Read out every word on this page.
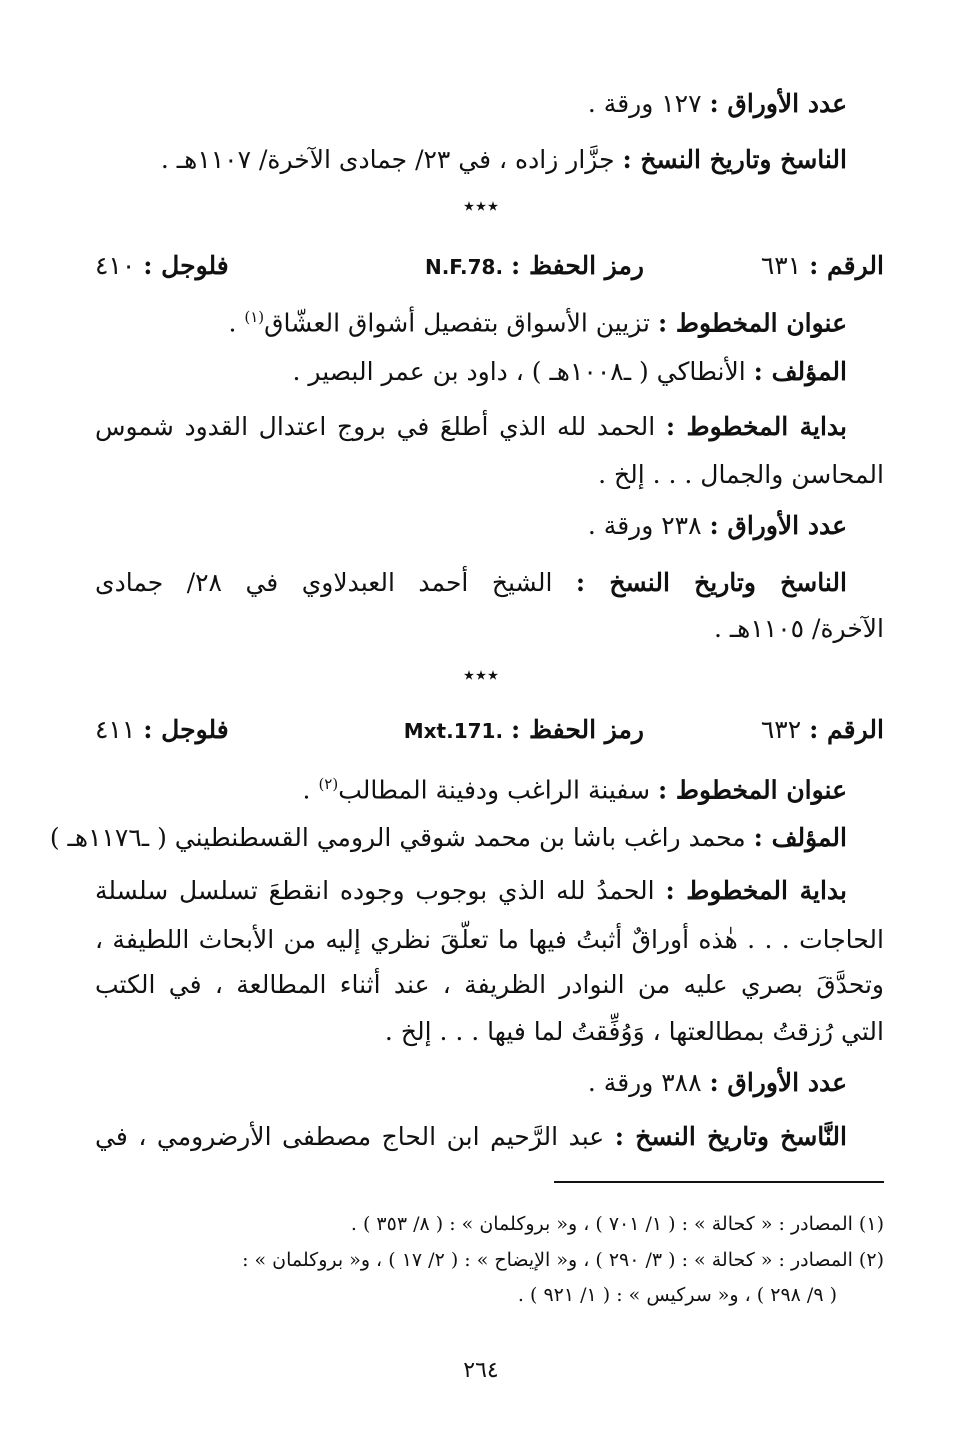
عدد الأوراق : ١٢٧ ورقة .
الناسخ وتاريخ النسخ : جزَّار زاده ، في ٢٣/ جمادى الآخرة/ ١١٠٧هـ .
٭٭٭
الرقم : ٦٣١
رمز الحفظ : N.F.78.
فلوجل : ٤١٠
عنوان المخطوط : تزيين الأسواق بتفصيل أشواق العشّاق$^{(١)}$ .
المؤلف : الأنطاكي ( ـ١٠٠٨هـ ) ، داود بن عمر البصير .
بداية المخطوط : الحمد لله الذي أطلعَ في بروج اعتدال القدود شموس
المحاسن والجمال . . . إلخ .
عدد الأوراق : ٢٣٨ ورقة .
الناسخ وتاريخ النسخ : الشيخ أحمد العبدلاوي في ٢٨/ جمادى
الآخرة/ ١١٠٥هـ .
٭٭٭
الرقم : ٦٣٢
رمز الحفظ : Mxt.171.
فلوجل : ٤١١
عنوان المخطوط : سفينة الراغب ودفينة المطالب$^{(٢)}$ .
المؤلف : محمد راغب باشا بن محمد شوقي الرومي القسطنطيني ( ـ١١٧٦هـ )
بداية المخطوط : الحمدُ لله الذي بوجوب وجوده انقطعَ تسلسل سلسلة
الحاجات . . . هٰذه أوراقٌ أثبتُ فيها ما تعلَّقَ نظري إليه من الأبحاث اللطيفة ،
وتحدَّقَ بصري عليه من النوادر الظريفة ، عند أثناء المطالعة ، في الكتب
التي رُزقتُ بمطالعتها ، وَوُفِّقتُ لما فيها . . . إلخ .
عدد الأوراق : ٣٨٨ ورقة .
النَّاسخ وتاريخ النسخ : عبد الرَّحيم ابن الحاج مصطفى الأرضرومي ، في
(١) المصادر : « كحالة » : ( ١/ ٧٠١ ) ، و« بروكلمان » : ( ٨/ ٣٥٣ ) .
(٢) المصادر : « كحالة » : ( ٣/ ٢٩٠ ) ، و« الإيضاح » : ( ٢/ ١٧ ) ، و« بروكلمان » :
( ٩/ ٢٩٨ ) ، و« سركيس » : ( ١/ ٩٢١ ) .
٢٦٤
